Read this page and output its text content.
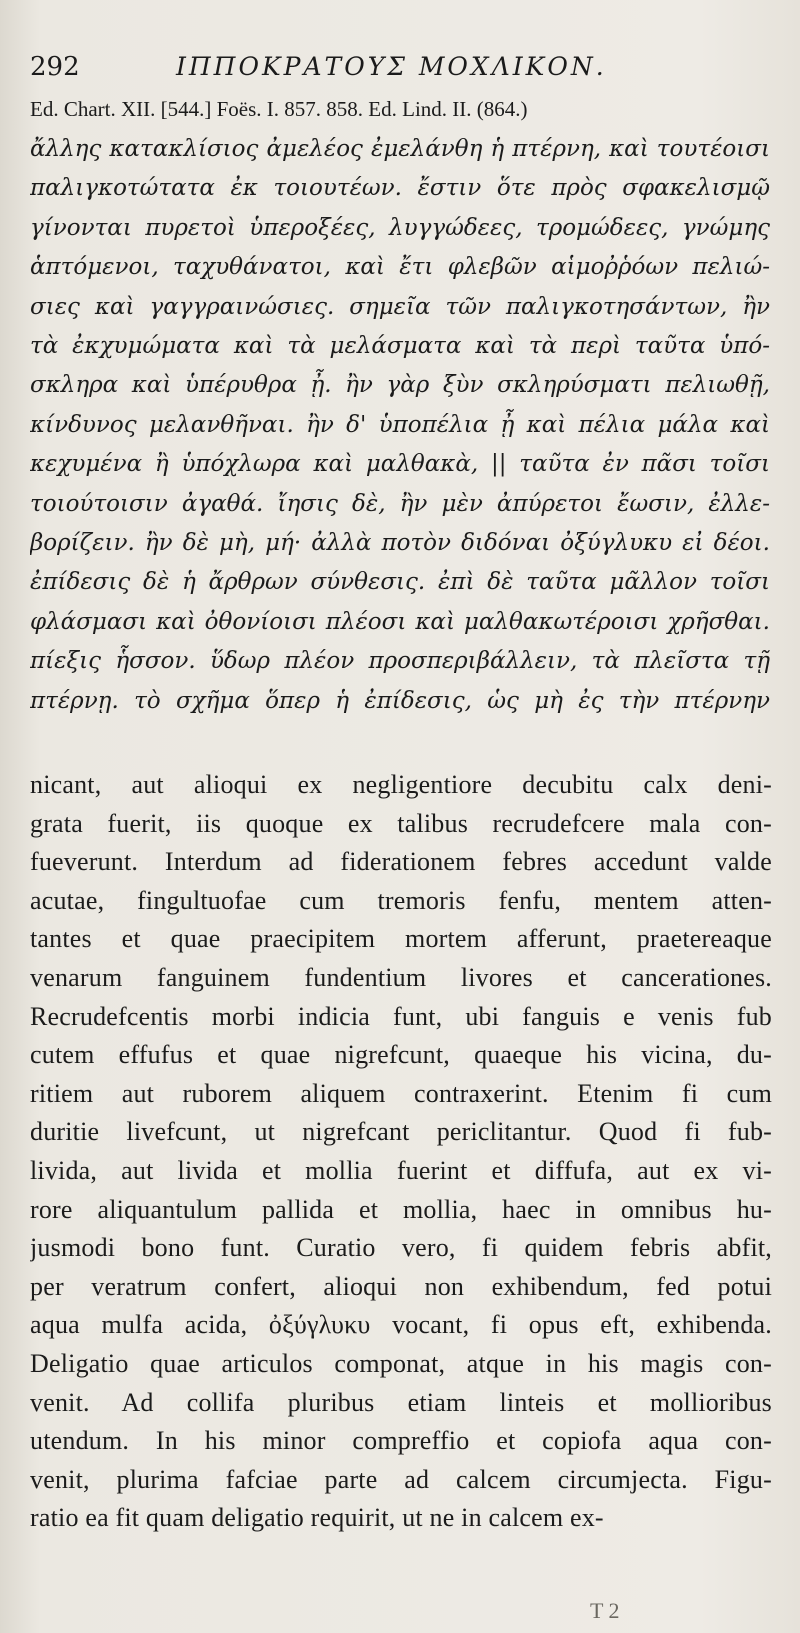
292	ΙΠΠΟΚΡΑΤΟΥΣ ΜΟΧΛΙΚΟΝ.
Ed. Chart. XII. [544.] Foës. I. 857. 858. Ed. Lind. II. (864.)
ἄλλης κατακλίσιος ἀμελέος ἐμελάνθη ἡ πτέρνη, καὶ τουτέοισι
παλιγκοτώτατα ἐκ τοιουτέων. ἔστιν ὅτε πρὸς σφακελισμῷ
γίνονται πυρετοὶ ὑπεροξέες, λυγγώδεες, τρομώδεες, γνώμης
ἁπτόμενοι, ταχυθάνατοι, καὶ ἔτι φλεβῶν αἱμοῤῥόων πελιώ-
σιες καὶ γαγγραινώσιες. σημεῖα τῶν παλιγκοτησάντων, ἢν
τὰ ἐκχυμώματα καὶ τὰ μελάσματα καὶ τὰ περὶ ταῦτα ὑπό-
σκληρα καὶ ὑπέρυθρα ᾖ. ἢν γὰρ ξὺν σκληρύσματι πελιωθῇ,
κίνδυνος μελανθῆναι. ἢν δ' ὑποπέλια ᾖ καὶ πέλια μάλα καὶ
κεχυμένα ἢ ὑπόχλωρα καὶ μαλθακὰ, || ταῦτα ἐν πᾶσι τοῖσι
τοιούτοισιν ἀγαθά. ἴησις δὲ, ἢν μὲν ἀπύρετοι ἔωσιν, ἐλλε-
βορίζειν. ἢν δὲ μὴ, μή· ἀλλὰ ποτὸν διδόναι ὀξύγλυκυ εἰ δέοι.
ἐπίδεσις δὲ ἡ ἄρθρων σύνθεσις. ἐπὶ δὲ ταῦτα μᾶλλον τοῖσι
φλάσμασι καὶ ὀθονίοισι πλέοσι καὶ μαλθακωτέροισι χρῆσθαι.
πίεξις ἧσσον. ὕδωρ πλέον προσπεριβάλλειν, τὰ πλεῖστα τῇ
πτέρνῃ. τὸ σχῆμα ὅπερ ἡ ἐπίδεσις, ὡς μὴ ἐς τὴν πτέρνην
nicant, aut alioqui ex negligentiore decubitu calx deni-
grata fuerit, iis quoque ex talibus recrudefcere mala con-
fueverunt. Interdum ad fiderationem febres accedunt valde
acutae, fingultuofae cum tremoris fenfu, mentem atten-
tantes et quae praecipitem mortem afferunt, praetereaque
venarum fanguinem fundentium livores et cancerationes.
Recrudefcentis morbi indicia funt, ubi fanguis e venis fub
cutem effufus et quae nigrefcunt, quaeque his vicina, du-
ritiem aut ruborem aliquem contraxerint. Etenim fi cum
duritie livefcunt, ut nigrefcant periclitantur. Quod fi fub-
livida, aut livida et mollia fuerint et diffufa, aut ex vi-
rore aliquantulum pallida et mollia, haec in omnibus hu-
jusmodi bono funt. Curatio vero, fi quidem febris abfit,
per veratrum confert, alioqui non exhibendum, fed potui
aqua mulfa acida, ὀξύγλυκυ vocant, fi opus eft, exhibenda.
Deligatio quae articulos componat, atque in his magis con-
venit. Ad collifa pluribus etiam linteis et mollioribus
utendum. In his minor compreffio et copiofa aqua con-
venit, plurima fafciae parte ad calcem circumjecta. Figu-
ratio ea fit quam deligatio requirit, ut ne in calcem ex-
T 2
